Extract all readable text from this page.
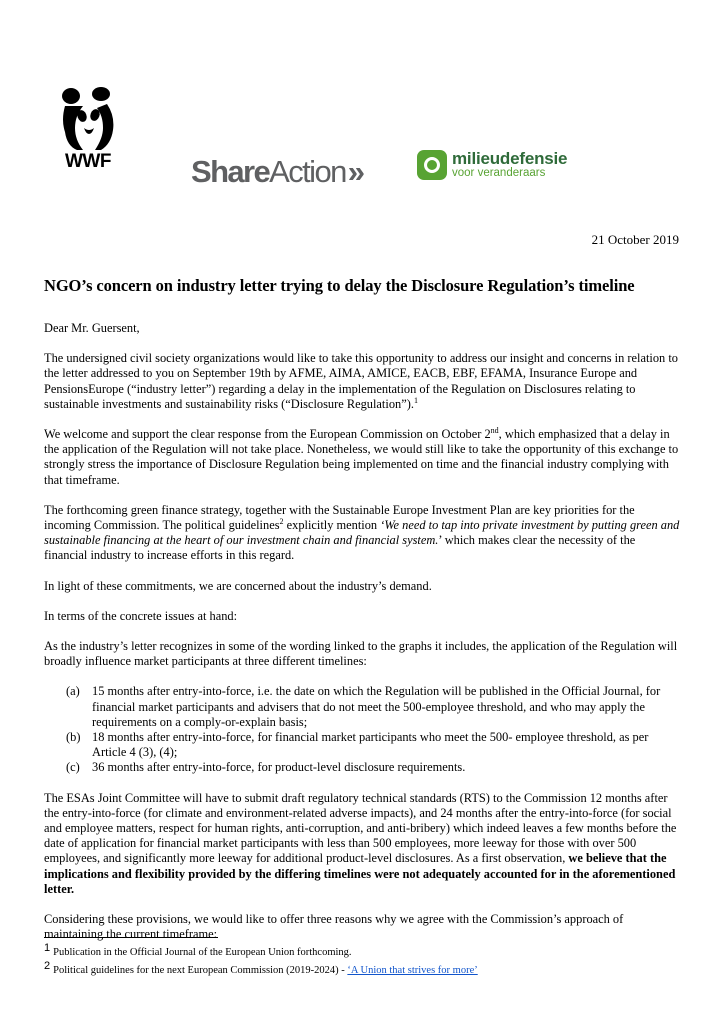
WWF	ShareAction»	milieudefensie
voor veranderaars
21 October 2019
NGO’s concern on industry letter trying to delay the Disclosure Regulation’s timeline

Dear Mr. Guersent,

The undersigned civil society organizations would like to take this opportunity to address our insight and concerns in relation to the letter addressed to you on September 19th by AFME, AIMA, AMICE, EACB, EBF, EFAMA, Insurance Europe and PensionsEurope (“industry letter”) regarding a delay in the implementation of the Regulation on Disclosures relating to sustainable investments and sustainability risks (“Disclosure Regulation”).$^1$

We welcome and support the clear response from the European Commission on October 2nd, which emphasized that a delay in the application of the Regulation will not take place. Nonetheless, we would still like to take the opportunity of this exchange to strongly stress the importance of Disclosure Regulation being implemented on time and the financial industry complying with that timeframe.

The forthcoming green finance strategy, together with the Sustainable Europe Investment Plan are key priorities for the incoming Commission. The political guidelines$^2$ explicitly mention ‘We need to tap into private investment by putting green and sustainable financing at the heart of our investment chain and financial system.’ which makes clear the necessity of the financial industry to increase efforts in this regard.

In light of these commitments, we are concerned about the industry’s demand.

In terms of the concrete issues at hand:

As the industry’s letter recognizes in some of the wording linked to the graphs it includes, the application of the Regulation will broadly influence market participants at three different timelines:

(a) 15 months after entry-into-force, i.e. the date on which the Regulation will be published in the Official Journal, for financial market participants and advisers that do not meet the 500-employee threshold, and who may apply the requirements on a comply-or-explain basis;
(b) 18 months after entry-into-force, for financial market participants who meet the 500- employee threshold, as per Article 4 (3), (4);
(c) 36 months after entry-into-force, for product-level disclosure requirements.

The ESAs Joint Committee will have to submit draft regulatory technical standards (RTS) to the Commission 12 months after the entry-into-force (for climate and environment-related adverse impacts), and 24 months after the entry-into-force (for social and employee matters, respect for human rights, anti-corruption, and anti-bribery) which indeed leaves a few months before the date of application for financial market participants with less than 500 employees, more leeway for those with over 500 employees, and significantly more leeway for additional product-level disclosures. As a first observation, we believe that the implications and flexibility provided by the differing timelines were not adequately accounted for in the aforementioned letter.

Considering these provisions, we would like to offer three reasons why we agree with the Commission’s approach of maintaining the current timeframe:

$^1$ Publication in the Official Journal of the European Union forthcoming.
$^2$ Political guidelines for the next European Commission (2019-2024) - ‘A Union that strives for more’
